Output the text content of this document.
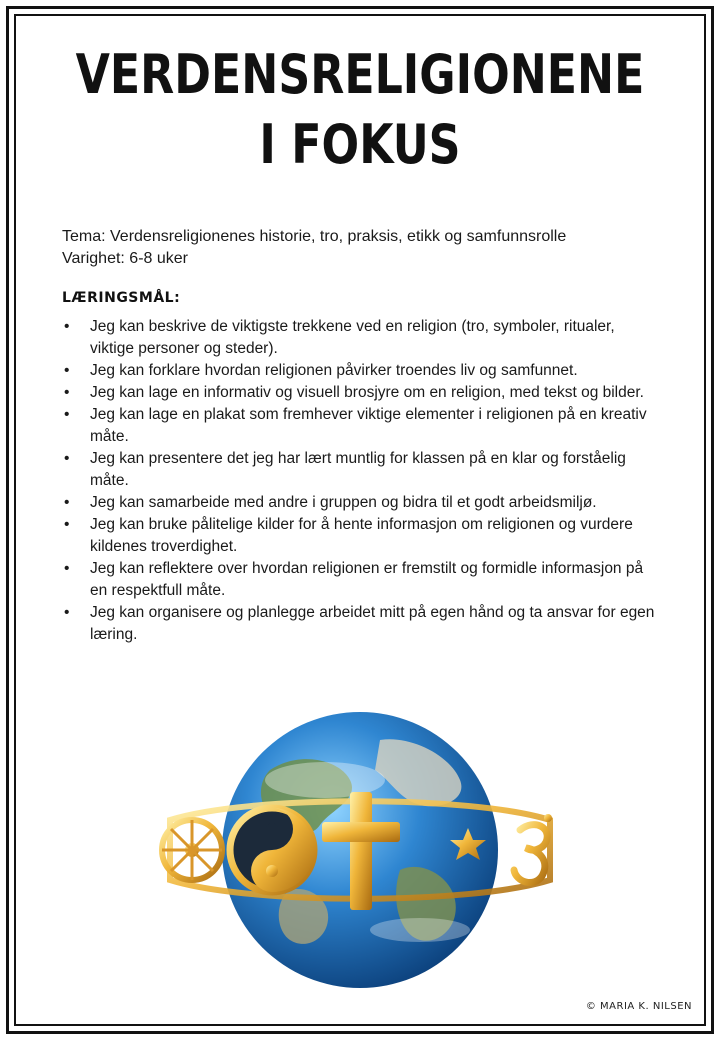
VERDENSRELIGIONENE
I FOKUS
Tema: Verdensreligionenes historie, tro, praksis, etikk og samfunnsrolle
Varighet: 6-8 uker
LÆRINGSMÅL:
• Jeg kan beskrive de viktigste trekkene ved en religion (tro, symboler, ritualer, viktige personer og steder).
• Jeg kan forklare hvordan religionen påvirker troendes liv og samfunnet.
• Jeg kan lage en informativ og visuell brosjyre om en religion, med tekst og bilder.
• Jeg kan lage en plakat som fremhever viktige elementer i religionen på en kreativ måte.
• Jeg kan presentere det jeg har lært muntlig for klassen på en klar og forståelig måte.
• Jeg kan samarbeide med andre i gruppen og bidra til et godt arbeidsmiljø.
• Jeg kan bruke pålitelige kilder for å hente informasjon om religionen og vurdere kildenes troverdighet.
• Jeg kan reflektere over hvordan religionen er fremstilt og formidle informasjon på en respektfull måte.
• Jeg kan organisere og planlegge arbeidet mitt på egen hånd og ta ansvar for egen læring.
© MARIA K. NILSEN
